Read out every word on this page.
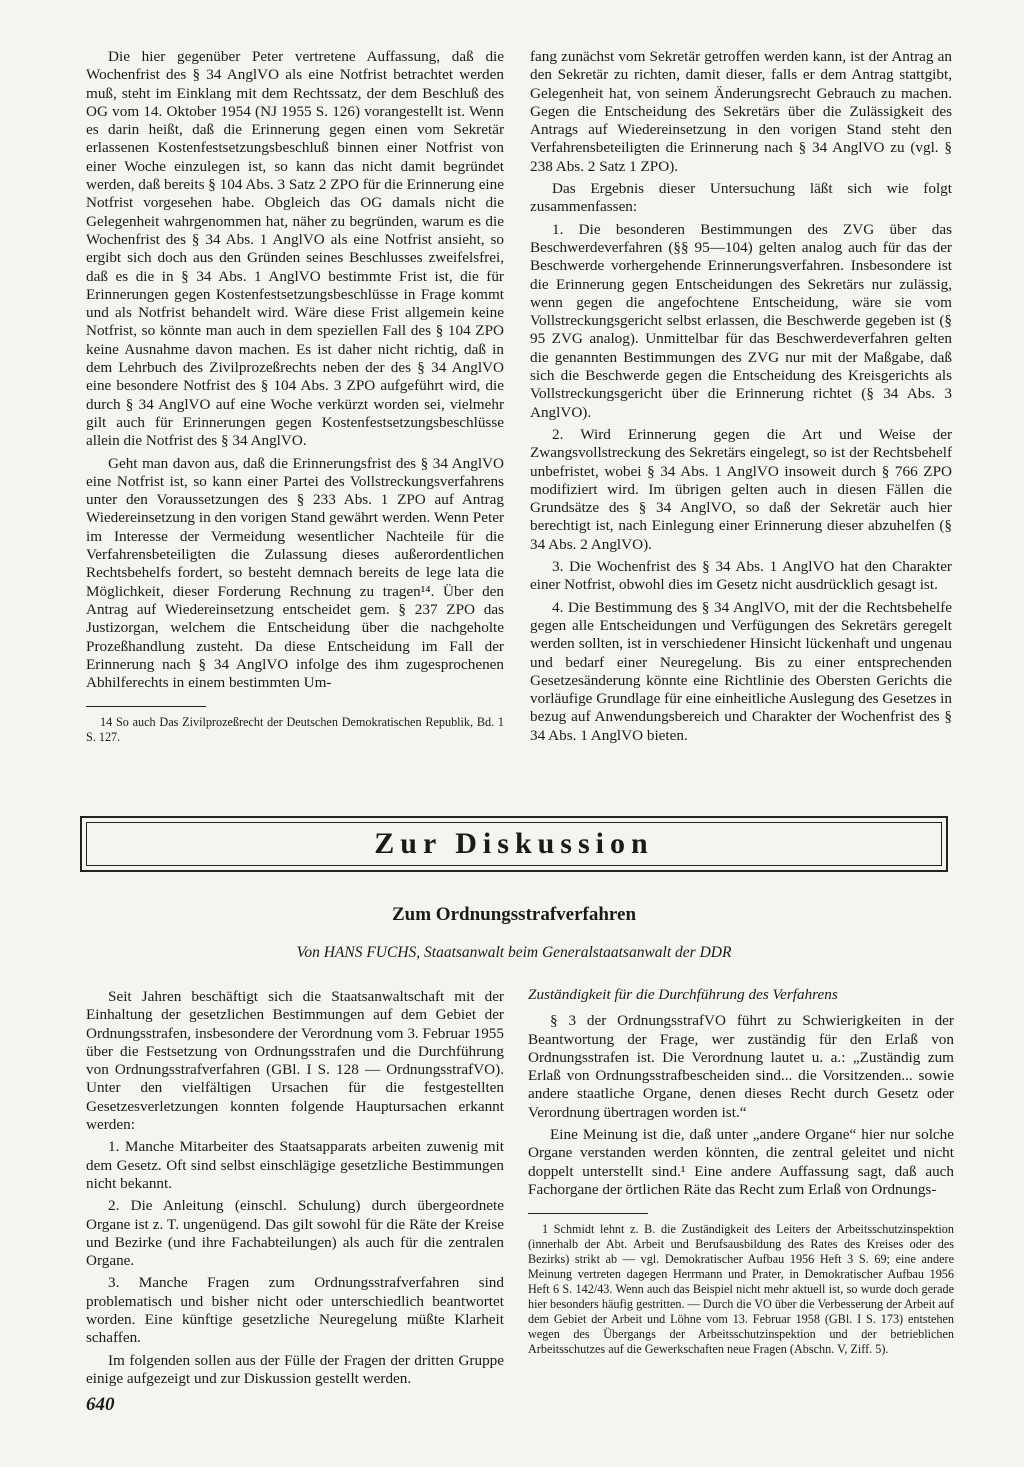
Die hier gegenüber Peter vertretene Auffassung, daß die Wochenfrist des § 34 AnglVO als eine Notfrist betrachtet werden muß, steht im Einklang mit dem Rechtssatz, der dem Beschluß des OG vom 14. Oktober 1954 (NJ 1955 S. 126) vorangestellt ist. Wenn es darin heißt, daß die Erinnerung gegen einen vom Sekretär erlassenen Kostenfestsetzungsbeschluß binnen einer Notfrist von einer Woche einzulegen ist, so kann das nicht damit begründet werden, daß bereits § 104 Abs. 3 Satz 2 ZPO für die Erinnerung eine Notfrist vorgesehen habe. Obgleich das OG damals nicht die Gelegenheit wahrgenommen hat, näher zu begründen, warum es die Wochenfrist des § 34 Abs. 1 AnglVO als eine Notfrist ansieht, so ergibt sich doch aus den Gründen seines Beschlusses zweifelsfrei, daß es die in § 34 Abs. 1 AnglVO bestimmte Frist ist, die für Erinnerungen gegen Kostenfestsetzungsbeschlüsse in Frage kommt und als Notfrist behandelt wird. Wäre diese Frist allgemein keine Notfrist, so könnte man auch in dem speziellen Fall des § 104 ZPO keine Ausnahme davon machen. Es ist daher nicht richtig, daß in dem Lehrbuch des Zivilprozeßrechts neben der des § 34 AnglVO eine besondere Notfrist des § 104 Abs. 3 ZPO aufgeführt wird, die durch § 34 AnglVO auf eine Woche verkürzt worden sei, vielmehr gilt auch für Erinnerungen gegen Kostenfestsetzungsbeschlüsse allein die Notfrist des § 34 AnglVO.

Geht man davon aus, daß die Erinnerungsfrist des § 34 AnglVO eine Notfrist ist, so kann einer Partei des Vollstreckungsverfahrens unter den Voraussetzungen des § 233 Abs. 1 ZPO auf Antrag Wiedereinsetzung in den vorigen Stand gewährt werden. Wenn Peter im Interesse der Vermeidung wesentlicher Nachteile für die Verfahrensbeteiligten die Zulassung dieses außerordentlichen Rechtsbehelfs fordert, so besteht demnach bereits de lege lata die Möglichkeit, dieser Forderung Rechnung zu tragen¹⁴. Über den Antrag auf Wiedereinsetzung entscheidet gem. § 237 ZPO das Justizorgan, welchem die Entscheidung über die nachgeholte Prozeßhandlung zusteht. Da diese Entscheidung im Fall der Erinnerung nach § 34 AnglVO infolge des ihm zugesprochenen Abhilferechts in einem bestimmten Um-

14 So auch Das Zivilprozeßrecht der Deutschen Demokratischen Republik, Bd. 1 S. 127.

fang zunächst vom Sekretär getroffen werden kann, ist der Antrag an den Sekretär zu richten, damit dieser, falls er dem Antrag stattgibt, Gelegenheit hat, von seinem Änderungsrecht Gebrauch zu machen. Gegen die Entscheidung des Sekretärs über die Zulässigkeit des Antrags auf Wiedereinsetzung in den vorigen Stand steht den Verfahrensbeteiligten die Erinnerung nach § 34 AnglVO zu (vgl. § 238 Abs. 2 Satz 1 ZPO).

Das Ergebnis dieser Untersuchung läßt sich wie folgt zusammenfassen:

1. Die besonderen Bestimmungen des ZVG über das Beschwerdeverfahren (§§ 95—104) gelten analog auch für das der Beschwerde vorhergehende Erinnerungsverfahren. Insbesondere ist die Erinnerung gegen Entscheidungen des Sekretärs nur zulässig, wenn gegen die angefochtene Entscheidung, wäre sie vom Vollstreckungsgericht selbst erlassen, die Beschwerde gegeben ist (§ 95 ZVG analog). Unmittelbar für das Beschwerdeverfahren gelten die genannten Bestimmungen des ZVG nur mit der Maßgabe, daß sich die Beschwerde gegen die Entscheidung des Kreisgerichts als Vollstreckungsgericht über die Erinnerung richtet (§ 34 Abs. 3 AnglVO).

2. Wird Erinnerung gegen die Art und Weise der Zwangsvollstreckung des Sekretärs eingelegt, so ist der Rechtsbehelf unbefristet, wobei § 34 Abs. 1 AnglVO insoweit durch § 766 ZPO modifiziert wird. Im übrigen gelten auch in diesen Fällen die Grundsätze des § 34 AnglVO, so daß der Sekretär auch hier berechtigt ist, nach Einlegung einer Erinnerung dieser abzuhelfen (§ 34 Abs. 2 AnglVO).

3. Die Wochenfrist des § 34 Abs. 1 AnglVO hat den Charakter einer Notfrist, obwohl dies im Gesetz nicht ausdrücklich gesagt ist.

4. Die Bestimmung des § 34 AnglVO, mit der die Rechtsbehelfe gegen alle Entscheidungen und Verfügungen des Sekretärs geregelt werden sollten, ist in verschiedener Hinsicht lückenhaft und ungenau und bedarf einer Neuregelung. Bis zu einer entsprechenden Gesetzesänderung könnte eine Richtlinie des Obersten Gerichts die vorläufige Grundlage für eine einheitliche Auslegung des Gesetzes in bezug auf Anwendungsbereich und Charakter der Wochenfrist des § 34 Abs. 1 AnglVO bieten.

Zur Diskussion
Zum Ordnungsstrafverfahren
Von HANS FUCHS, Staatsanwalt beim Generalstaatsanwalt der DDR

Seit Jahren beschäftigt sich die Staatsanwaltschaft mit der Einhaltung der gesetzlichen Bestimmungen auf dem Gebiet der Ordnungsstrafen, insbesondere der Verordnung vom 3. Februar 1955 über die Festsetzung von Ordnungsstrafen und die Durchführung von Ordnungsstrafverfahren (GBl. I S. 128 — OrdnungsstrafVO). Unter den vielfältigen Ursachen für die festgestellten Gesetzesverletzungen konnten folgende Hauptursachen erkannt werden:

1. Manche Mitarbeiter des Staatsapparats arbeiten zuwenig mit dem Gesetz. Oft sind selbst einschlägige gesetzliche Bestimmungen nicht bekannt.

2. Die Anleitung (einschl. Schulung) durch übergeordnete Organe ist z. T. ungenügend. Das gilt sowohl für die Räte der Kreise und Bezirke (und ihre Fachabteilungen) als auch für die zentralen Organe.

3. Manche Fragen zum Ordnungsstrafverfahren sind problematisch und bisher nicht oder unterschiedlich beantwortet worden. Eine künftige gesetzliche Neuregelung müßte Klarheit schaffen.

Im folgenden sollen aus der Fülle der Fragen der dritten Gruppe einige aufgezeigt und zur Diskussion gestellt werden.

Zuständigkeit für die Durchführung des Verfahrens

§ 3 der OrdnungsstrafVO führt zu Schwierigkeiten in der Beantwortung der Frage, wer zuständig für den Erlaß von Ordnungsstrafen ist. Die Verordnung lautet u. a.: „Zuständig zum Erlaß von Ordnungsstrafbescheiden sind... die Vorsitzenden... sowie andere staatliche Organe, denen dieses Recht durch Gesetz oder Verordnung übertragen worden ist.“

Eine Meinung ist die, daß unter „andere Organe“ hier nur solche Organe verstanden werden könnten, die zentral geleitet und nicht doppelt unterstellt sind.¹ Eine andere Auffassung sagt, daß auch Fachorgane der örtlichen Räte das Recht zum Erlaß von Ordnungs-

1 Schmidt lehnt z. B. die Zuständigkeit des Leiters der Arbeitsschutzinspektion (innerhalb der Abt. Arbeit und Berufsausbildung des Rates des Kreises oder des Bezirks) strikt ab — vgl. Demokratischer Aufbau 1956 Heft 3 S. 69; eine andere Meinung vertreten dagegen Herrmann und Prater, in Demokratischer Aufbau 1956 Heft 6 S. 142/43. Wenn auch das Beispiel nicht mehr aktuell ist, so wurde doch gerade hier besonders häufig gestritten. — Durch die VO über die Verbesserung der Arbeit auf dem Gebiet der Arbeit und Löhne vom 13. Februar 1958 (GBl. I S. 173) entstehen wegen des Übergangs der Arbeitsschutzinspektion und der betrieblichen Arbeitsschutzes auf die Gewerkschaften neue Fragen (Abschn. V, Ziff. 5).

640
